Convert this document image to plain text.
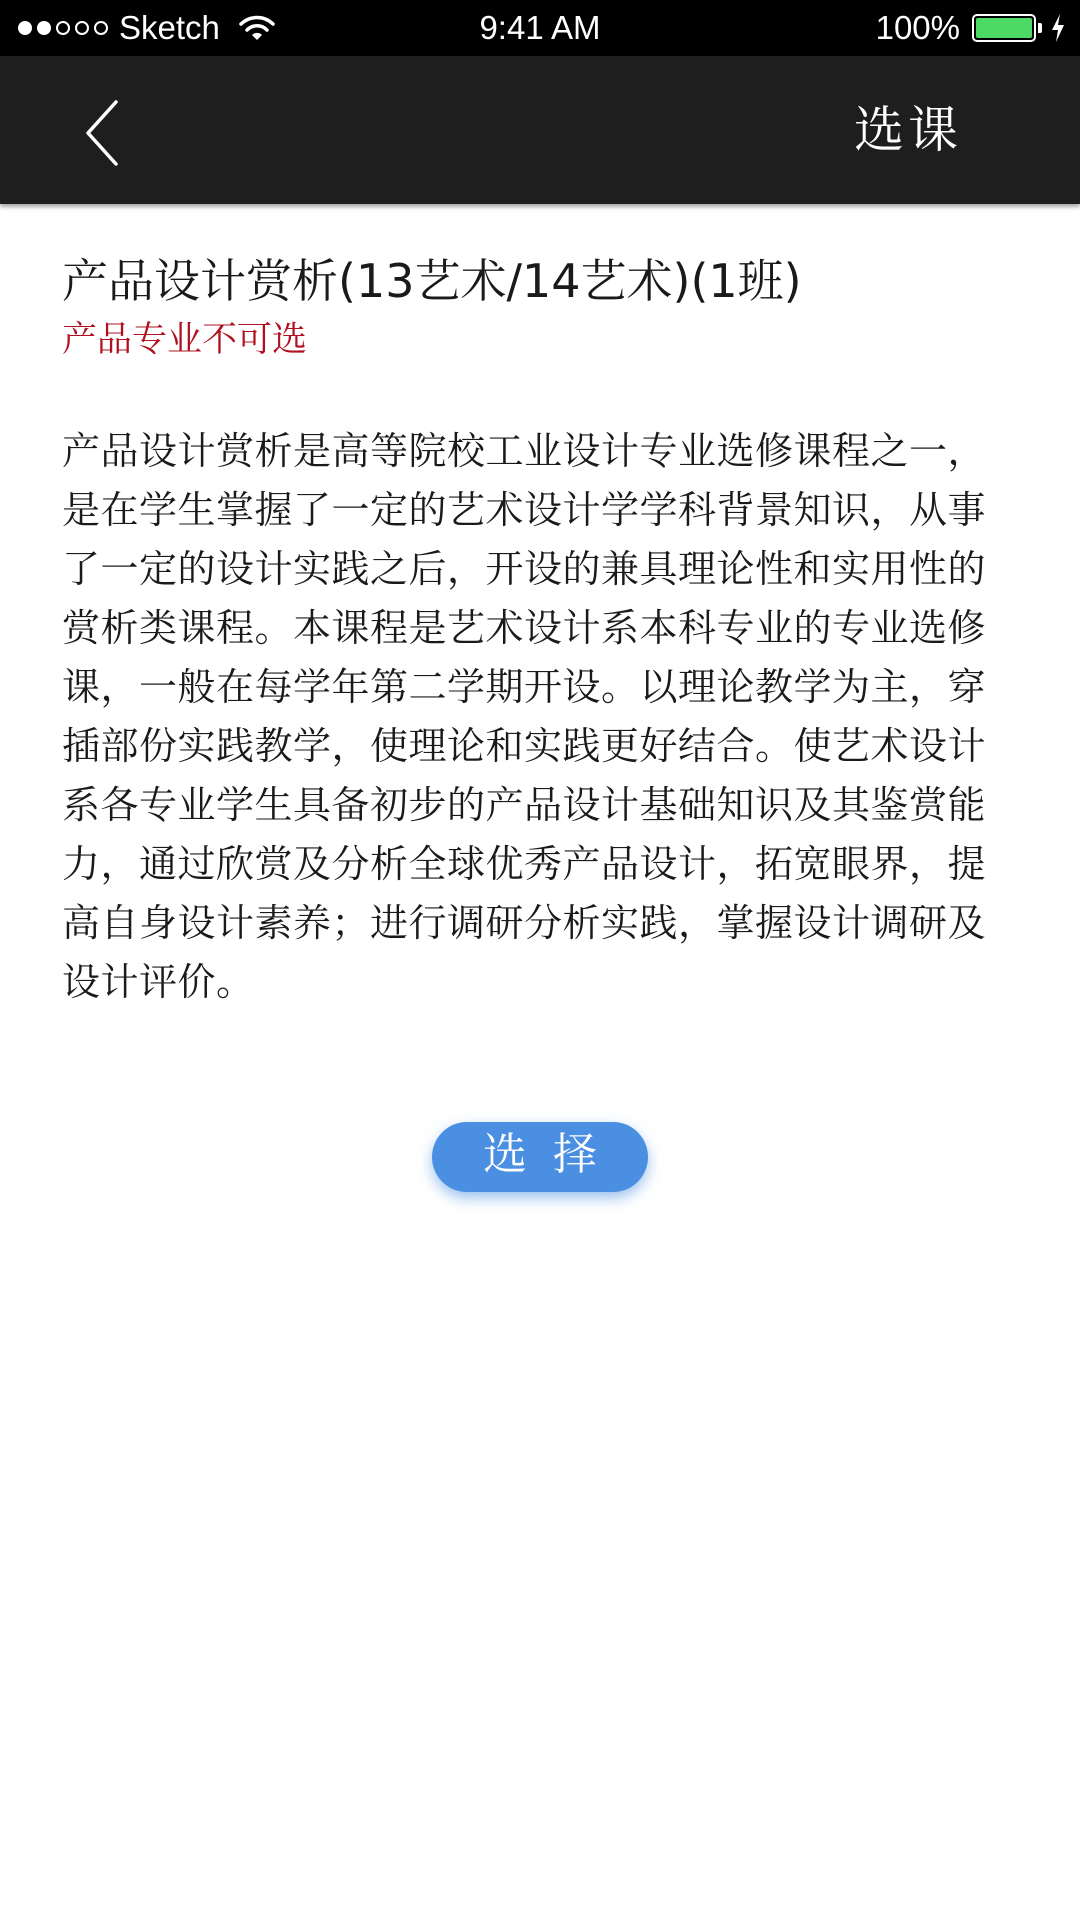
Sketch	9:41 AM	100%
选课
产品设计赏析(13艺术/14艺术)(1班)

产品专业不可选

产品设计赏析是高等院校工业设计专业选修课程之一，是在学生掌握了一定的艺术设计学学科背景知识，从事了一定的设计实践之后，开设的兼具理论性和实用性的赏析类课程。本课程是艺术设计系本科专业的专业选修课，一般在每学年第二学期开设。以理论教学为主，穿插部份实践教学，使理论和实践更好结合。使艺术设计系各专业学生具备初步的产品设计基础知识及其鉴赏能力，通过欣赏及分析全球优秀产品设计，拓宽眼界，提高自身设计素养；进行调研分析实践，掌握设计调研及设计评价。
选择
